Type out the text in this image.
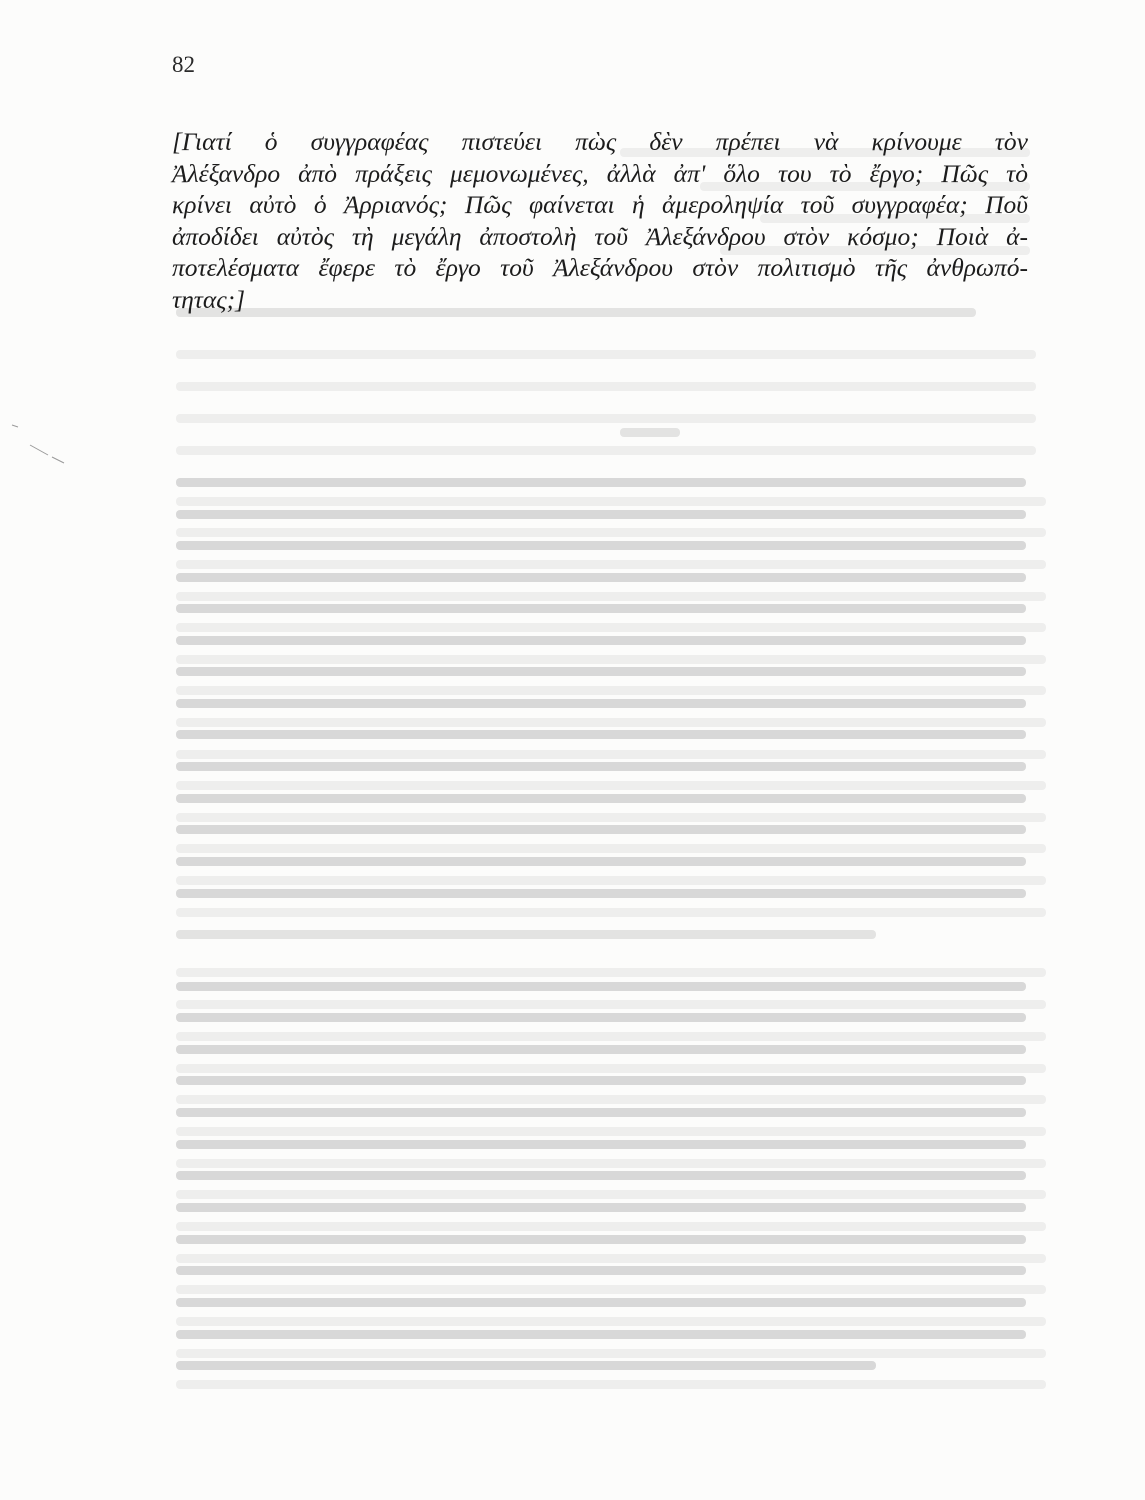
82
[Γιατί ὁ συγγραφέας πιστεύει πὼς δὲν πρέπει νὰ κρίνουμε τὸν
Ἀλέξανδρο ἀπὸ πράξεις μεμονωμένες, ἀλλὰ ἀπ' ὅλο του τὸ ἔργο; Πῶς τὸ
κρίνει αὐτὸ ὁ Ἀρριανός; Πῶς φαίνεται ἡ ἀμεροληψία τοῦ συγγραφέα; Ποῦ
ἀποδίδει αὐτὸς τὴ μεγάλη ἀποστολὴ τοῦ Ἀλεξάνδρου στὸν κόσμο; Ποιὰ ἀ-
ποτελέσματα ἔφερε τὸ ἔργο τοῦ Ἀλεξάνδρου στὸν πολιτισμὸ τῆς ἀνθρωπό-
τητας;]
